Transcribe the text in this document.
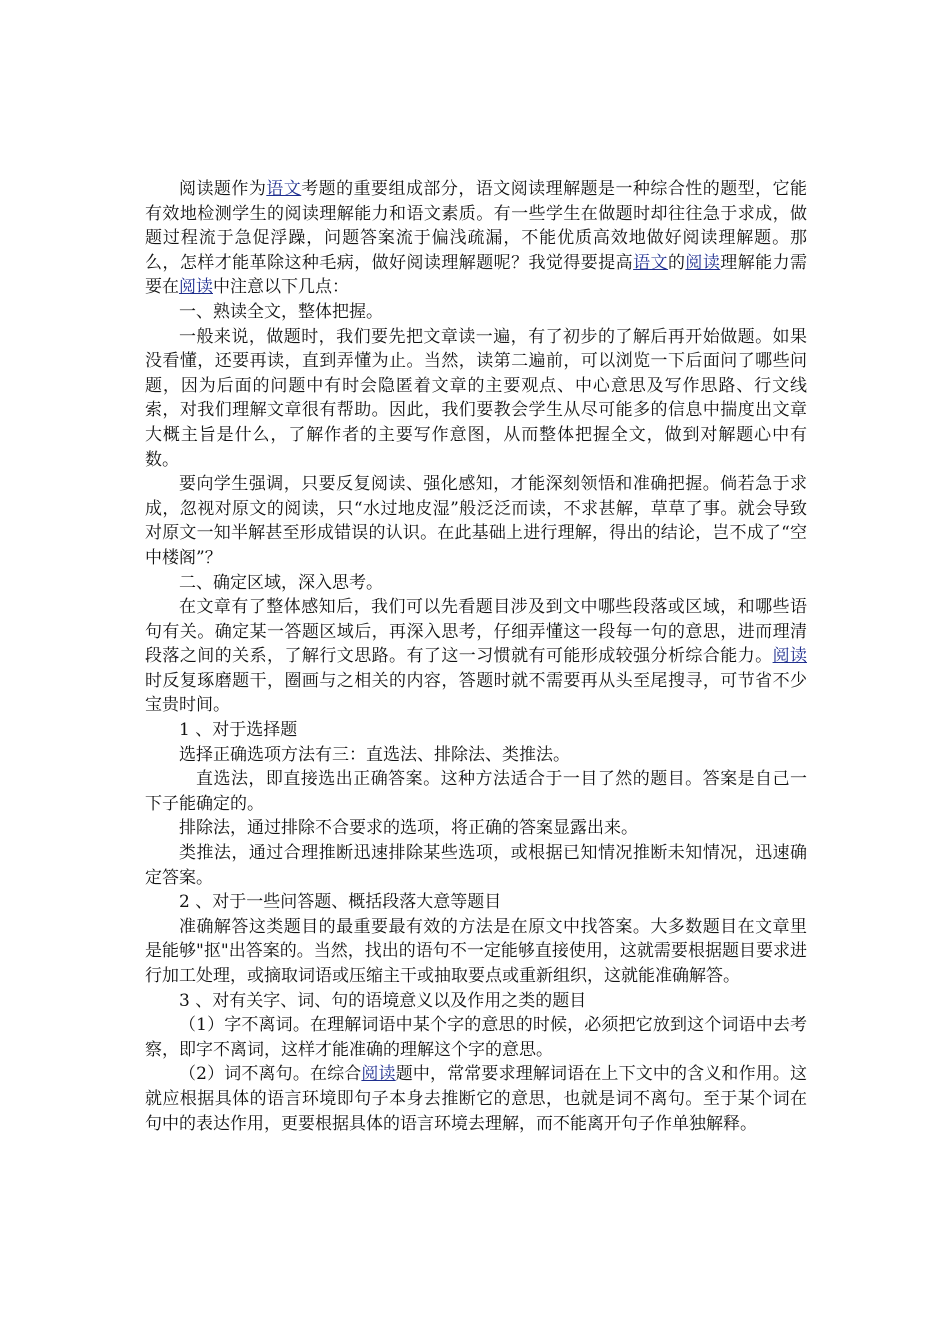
阅读题作为语文考题的重要组成部分，语文阅读理解题是一种综合性的题型，它能有效地检测学生的阅读理解能力和语文素质。有一些学生在做题时却往往急于求成，做题过程流于急促浮躁，问题答案流于偏浅疏漏，不能优质高效地做好阅读理解题。那么，怎样才能革除这种毛病，做好阅读理解题呢？我觉得要提高语文的阅读理解能力需要在阅读中注意以下几点：

一、熟读全文，整体把握。

一般来说，做题时，我们要先把文章读一遍，有了初步的了解后再开始做题。如果没看懂，还要再读，直到弄懂为止。当然，读第二遍前，可以浏览一下后面问了哪些问题，因为后面的问题中有时会隐匿着文章的主要观点、中心意思及写作思路、行文线索，对我们理解文章很有帮助。因此，我们要教会学生从尽可能多的信息中揣度出文章大概主旨是什么，了解作者的主要写作意图，从而整体把握全文，做到对解题心中有数。

要向学生强调，只要反复阅读、强化感知，才能深刻领悟和准确把握。倘若急于求成，忽视对原文的阅读，只“水过地皮湿”般泛泛而读，不求甚解，草草了事。就会导致对原文一知半解甚至形成错误的认识。在此基础上进行理解，得出的结论，岂不成了“空中楼阁”？

二、确定区域，深入思考。

在文章有了整体感知后，我们可以先看题目涉及到文中哪些段落或区域，和哪些语句有关。确定某一答题区域后，再深入思考，仔细弄懂这一段每一句的意思，进而理清段落之间的关系，了解行文思路。有了这一习惯就有可能形成较强分析综合能力。阅读时反复琢磨题干，圈画与之相关的内容，答题时就不需要再从头至尾搜寻，可节省不少宝贵时间。

1 、对于选择题

选择正确选项方法有三：直选法、排除法、类推法。

直选法，即直接选出正确答案。这种方法适合于一目了然的题目。答案是自己一下子能确定的。

排除法，通过排除不合要求的选项，将正确的答案显露出来。

类推法，通过合理推断迅速排除某些选项，或根据已知情况推断未知情况，迅速确定答案。

2 、对于一些问答题、概括段落大意等题目

准确解答这类题目的最重要最有效的方法是在原文中找答案。大多数题目在文章里是能够"抠"出答案的。当然，找出的语句不一定能够直接使用，这就需要根据题目要求进行加工处理，或摘取词语或压缩主干或抽取要点或重新组织，这就能准确解答。

3 、对有关字、词、句的语境意义以及作用之类的题目

（1）字不离词。在理解词语中某个字的意思的时候，必须把它放到这个词语中去考察，即字不离词，这样才能准确的理解这个字的意思。

（2）词不离句。在综合阅读题中，常常要求理解词语在上下文中的含义和作用。这就应根据具体的语言环境即句子本身去推断它的意思，也就是词不离句。至于某个词在句中的表达作用，更要根据具体的语言环境去理解，而不能离开句子作单独解释。
